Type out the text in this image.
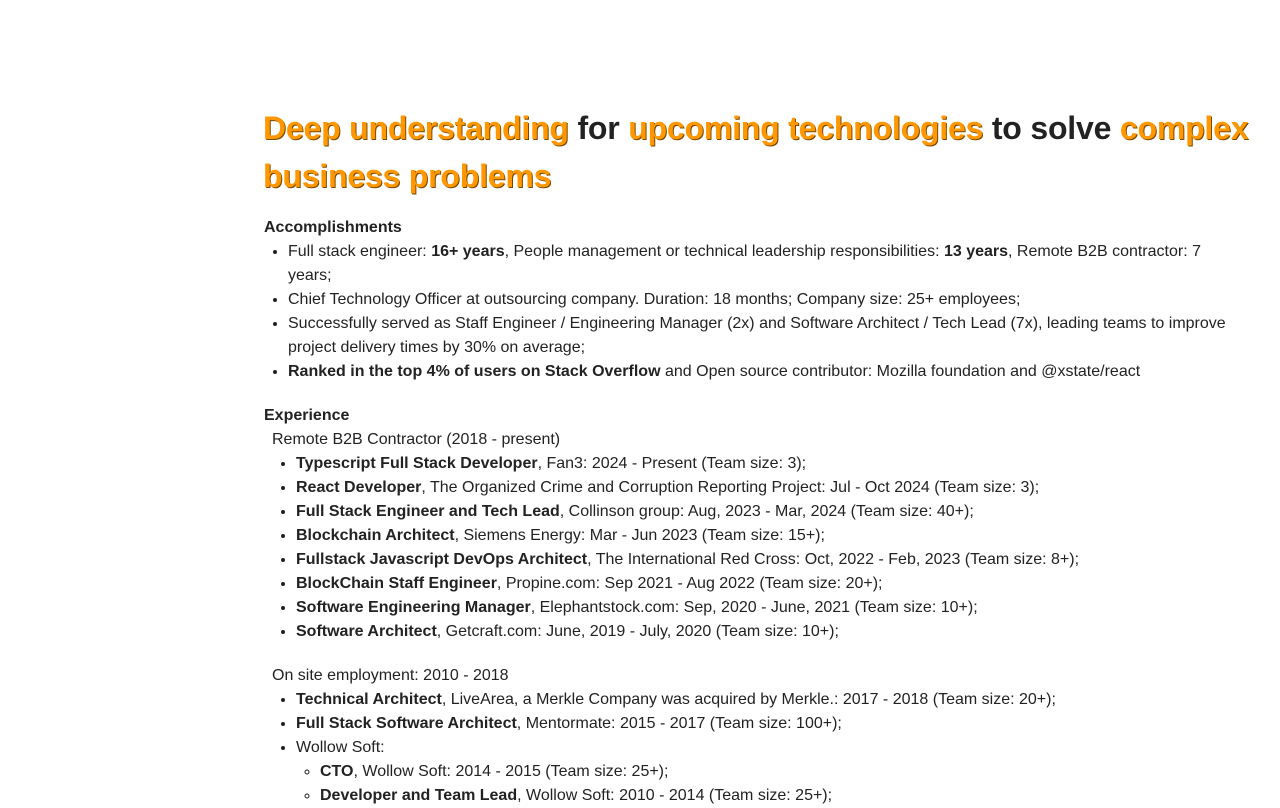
Deep understanding for upcoming technologies to solve complex business problems

Accomplishments

• Full stack engineer: 16+ years, People management or technical leadership responsibilities: 13 years, Remote B2B contractor: 7 years;
• Chief Technology Officer at outsourcing company. Duration: 18 months; Company size: 25+ employees;
• Successfully served as Staff Engineer / Engineering Manager (2x) and Software Architect / Tech Lead (7x), leading teams to improve project delivery times by 30% on average;
• Ranked in the top 4% of users on Stack Overflow and Open source contributor: Mozilla foundation and @xstate/react

Experience

Remote B2B Contractor (2018 - present)
• Typescript Full Stack Developer, Fan3: 2024 - Present (Team size: 3);
• React Developer, The Organized Crime and Corruption Reporting Project: Jul - Oct 2024 (Team size: 3);
• Full Stack Engineer and Tech Lead, Collinson group: Aug, 2023 - Mar, 2024 (Team size: 40+);
• Blockchain Architect, Siemens Energy: Mar - Jun 2023 (Team size: 15+);
• Fullstack Javascript DevOps Architect, The International Red Cross: Oct, 2022 - Feb, 2023 (Team size: 8+);
• BlockChain Staff Engineer, Propine.com: Sep 2021 - Aug 2022 (Team size: 20+);
• Software Engineering Manager, Elephantstock.com: Sep, 2020 - June, 2021 (Team size: 10+);
• Software Architect, Getcraft.com: June, 2019 - July, 2020 (Team size: 10+);
On site employment: 2010 - 2018
• Technical Architect, LiveArea, a Merkle Company was acquired by Merkle.: 2017 - 2018 (Team size: 20+);
• Full Stack Software Architect, Mentormate: 2015 - 2017 (Team size: 100+);
• Wollow Soft:
◦ CTO, Wollow Soft: 2014 - 2015 (Team size: 25+);
◦ Developer and Team Lead, Wollow Soft: 2010 - 2014 (Team size: 25+);
